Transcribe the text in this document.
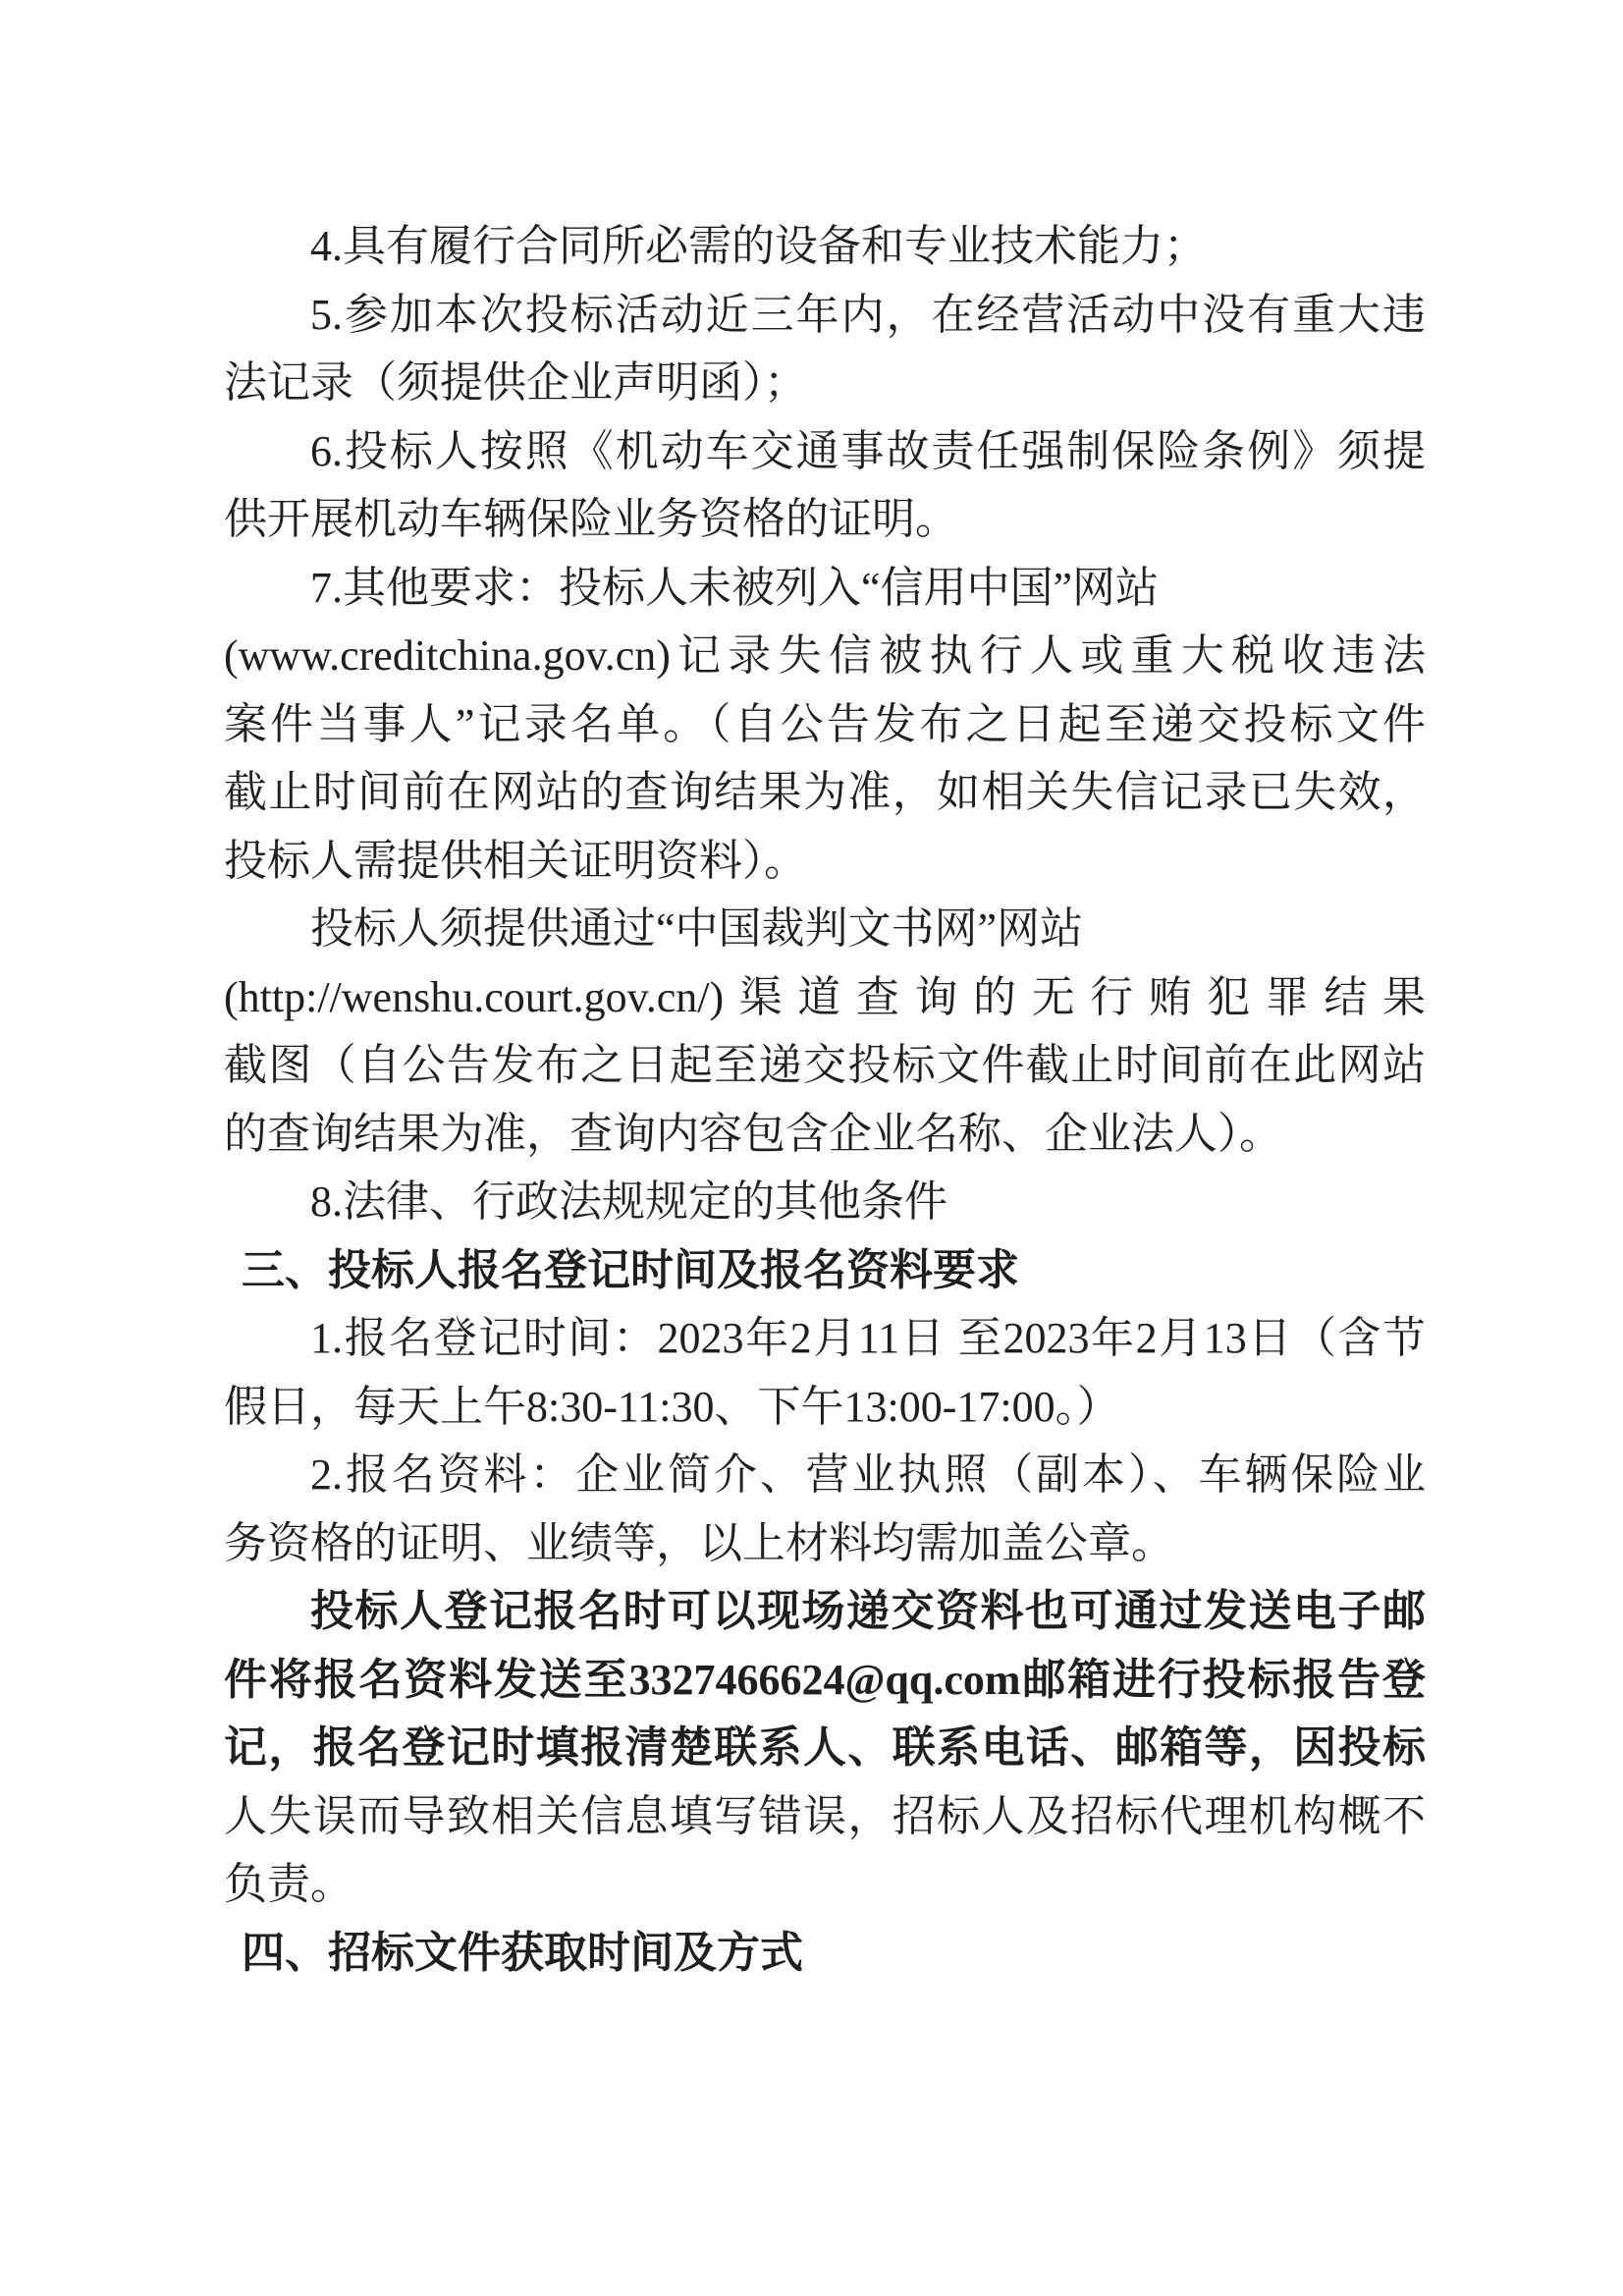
4.具有履行合同所必需的设备和专业技术能力；
5.参加本次投标活动近三年内，在经营活动中没有重大违
法记录（须提供企业声明函）；
6.投标人按照《机动车交通事故责任强制保险条例》须提
供开展机动车辆保险业务资格的证明。
7.其他要求：投标人未被列入“信用中国”网站
(www.creditchina.gov.cn)记录失信被执行人或重大税收违法
案件当事人”记录名单。（自公告发布之日起至递交投标文件
截止时间前在网站的查询结果为准，如相关失信记录已失效，
投标人需提供相关证明资料）。
投标人须提供通过“中国裁判文书网”网站
(http://wenshu.court.gov.cn/)渠道查询的无行贿犯罪结果
截图（自公告发布之日起至递交投标文件截止时间前在此网站
的查询结果为准，查询内容包含企业名称、企业法人）。
8.法律、行政法规规定的其他条件
三、投标人报名登记时间及报名资料要求
1.报名登记时间：2023年2月11日 至2023年2月13日（含节
假日，每天上午8:30-11:30、下午13:00-17:00。）
2.报名资料：企业简介、营业执照（副本）、车辆保险业
务资格的证明、业绩等，以上材料均需加盖公章。
投标人登记报名时可以现场递交资料也可通过发送电子邮
件将报名资料发送至3327466624@qq.com邮箱进行投标报告登
记，报名登记时填报清楚联系人、联系电话、邮箱等，因投标
人失误而导致相关信息填写错误，招标人及招标代理机构概不
负责。
四、招标文件获取时间及方式
